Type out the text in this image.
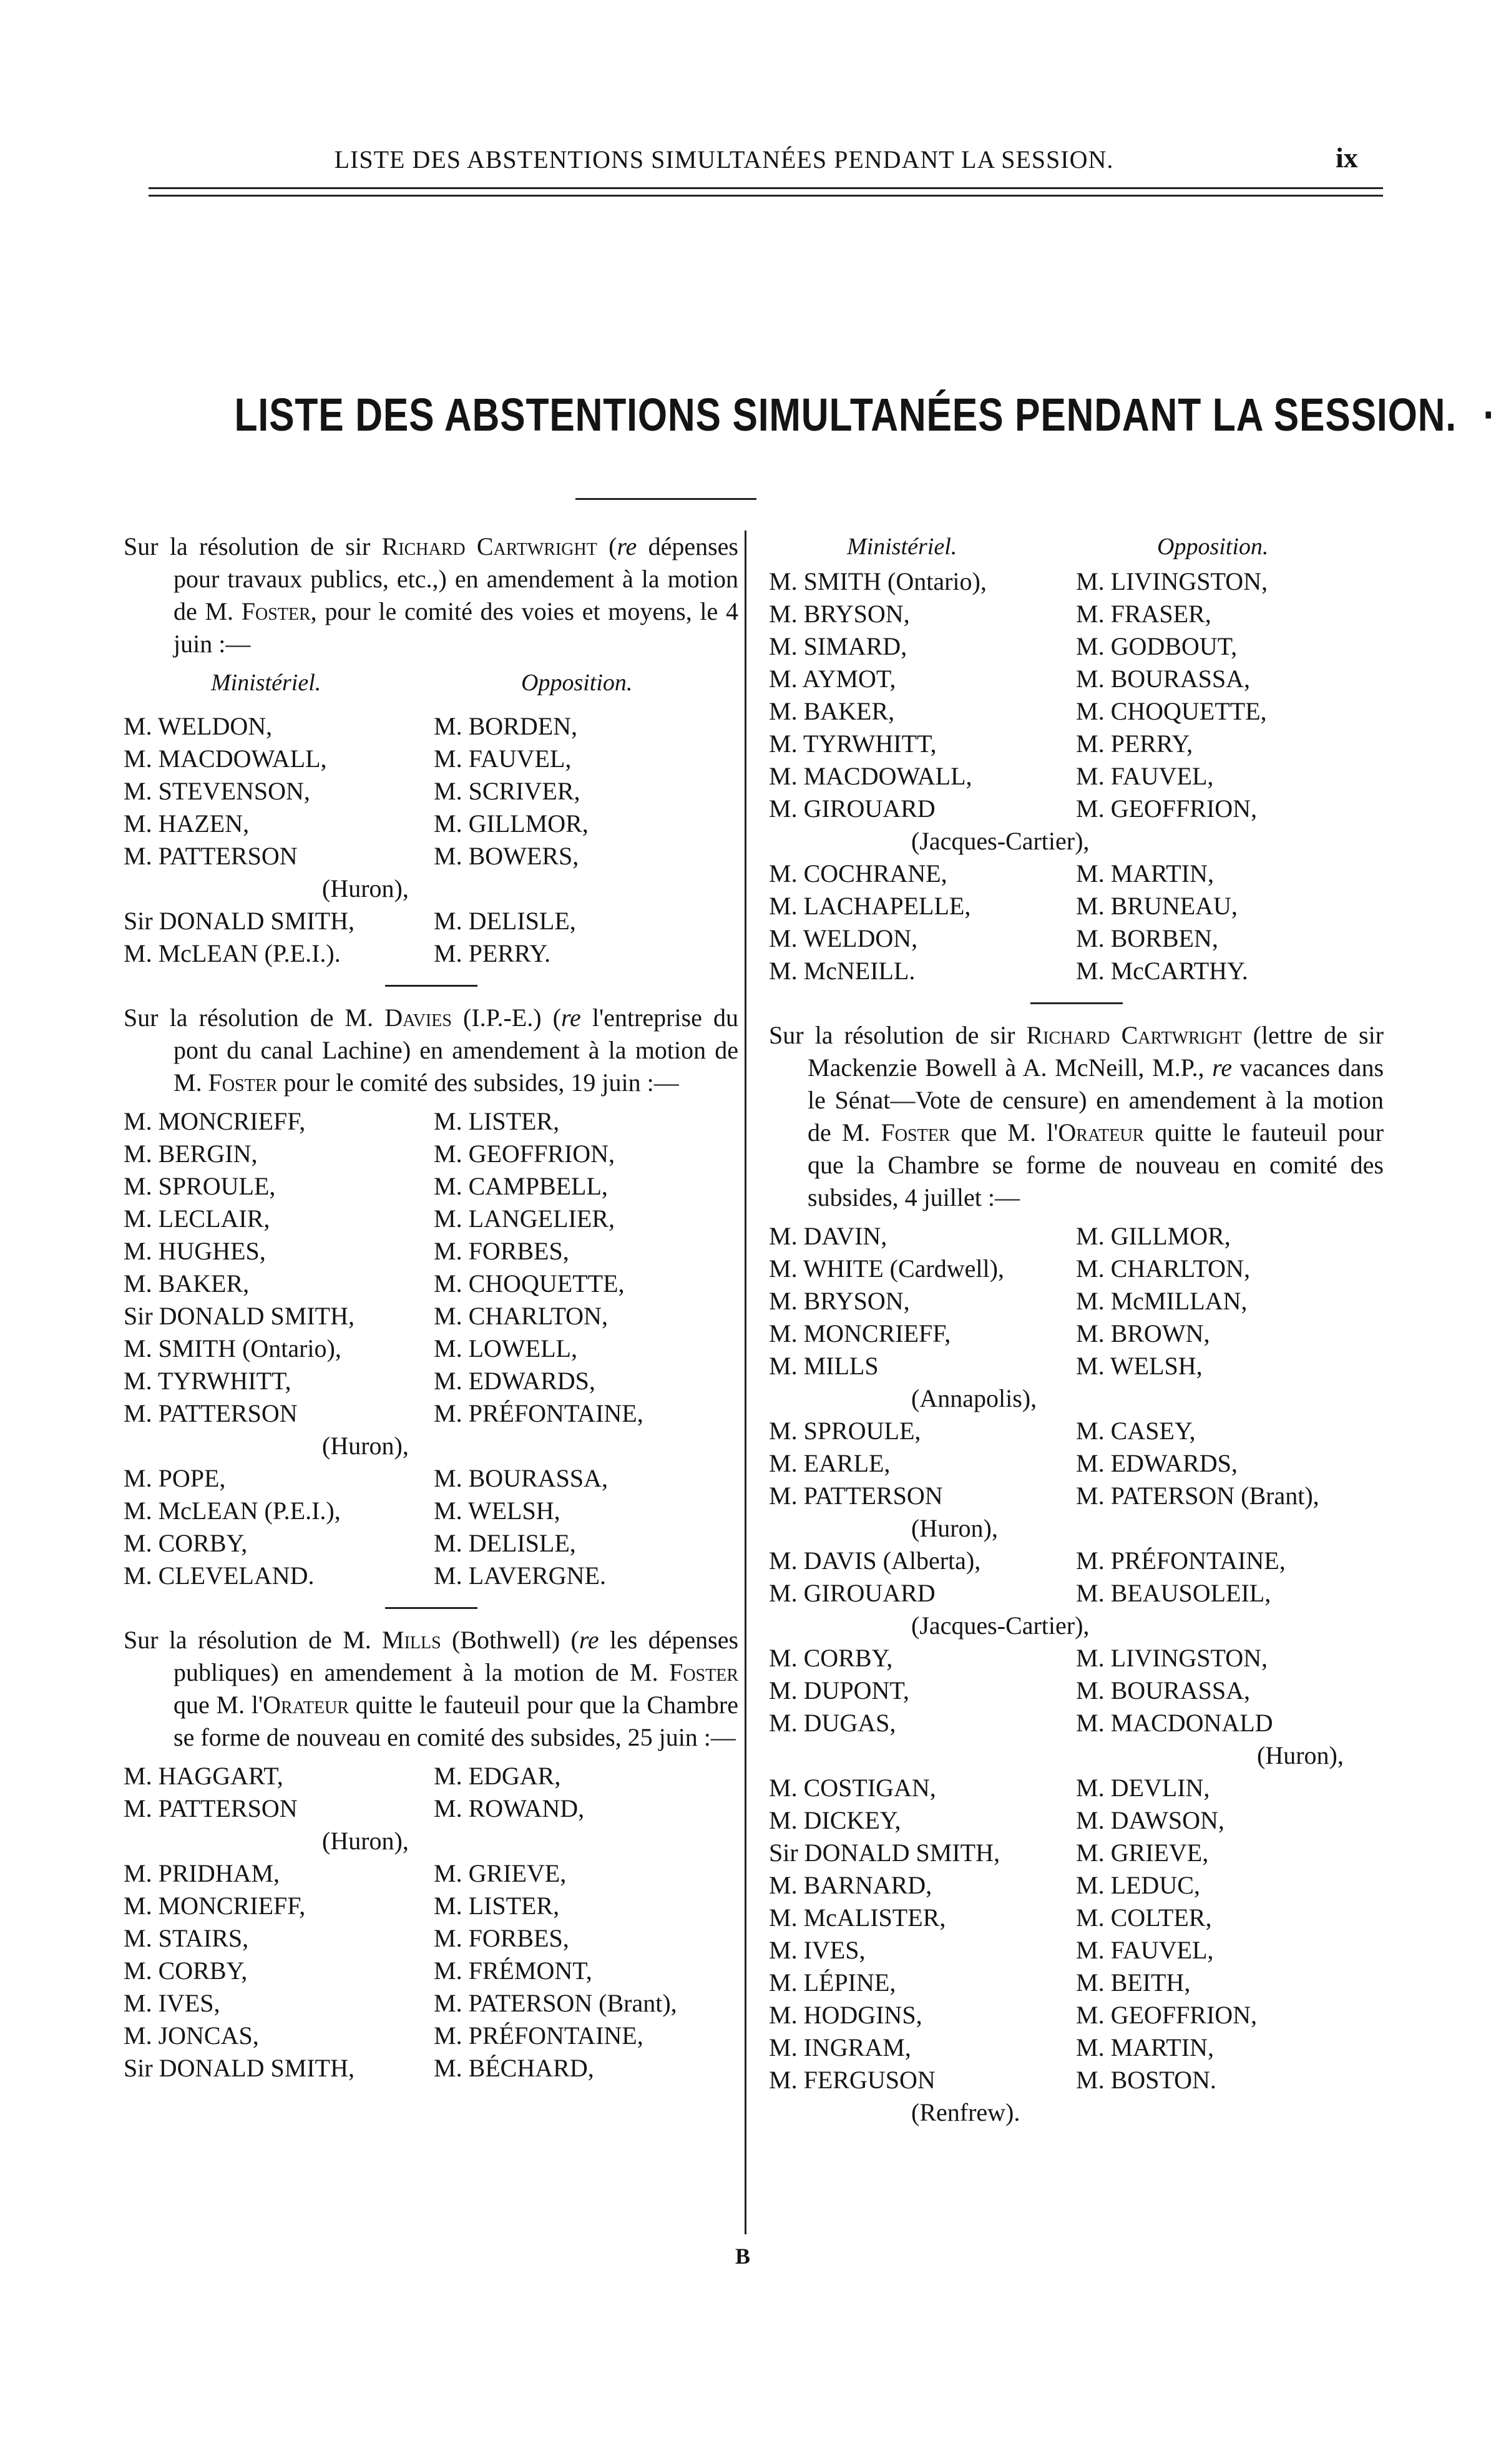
LISTE DES ABSTENTIONS SIMULTANÉES PENDANT LA SESSION.	ix
LISTE DES ABSTENTIONS SIMULTANÉES PENDANT LA SESSION. ·

Sur la résolution de sir Richard Cartwright (re dépenses pour travaux publics, etc.,) en amendement à la motion de M. Foster, pour le comité des voies et moyens, le 4 juin :—

Ministériel.	Opposition.
M. WELDON,	M. BORDEN,
M. MACDOWALL,	M. FAUVEL,
M. STEVENSON,	M. SCRIVER,
M. HAZEN,	M. GILLMOR,
M. PATTERSON	M. BOWERS,
(Huron),
Sir DONALD SMITH,	M. DELISLE,
M. McLEAN (P.E.I.).	M. PERRY.

Sur la résolution de M. Davies (I.P.-E.) (re l'entreprise du pont du canal Lachine) en amendement à la motion de M. Foster pour le comité des subsides, 19 juin :—

M. MONCRIEFF,	M. LISTER,
M. BERGIN,	M. GEOFFRION,
M. SPROULE,	M. CAMPBELL,
M. LECLAIR,	M. LANGELIER,
M. HUGHES,	M. FORBES,
M. BAKER,	M. CHOQUETTE,
Sir DONALD SMITH,	M. CHARLTON,
M. SMITH (Ontario),	M. LOWELL,
M. TYRWHITT,	M. EDWARDS,
M. PATTERSON	M. PRÉFONTAINE,
(Huron),
M. POPE,	M. BOURASSA,
M. McLEAN (P.E.I.),	M. WELSH,
M. CORBY,	M. DELISLE,
M. CLEVELAND.	M. LAVERGNE.

Sur la résolution de M. Mills (Bothwell) (re les dépenses publiques) en amendement à la motion de M. Foster que M. l'Orateur quitte le fauteuil pour que la Chambre se forme de nouveau en comité des subsides, 25 juin :—

M. HAGGART,	M. EDGAR,
M. PATTERSON	M. ROWAND,
(Huron),
M. PRIDHAM,	M. GRIEVE,
M. MONCRIEFF,	M. LISTER,
M. STAIRS,	M. FORBES,
M. CORBY,	M. FRÉMONT,
M. IVES,	M. PATERSON (Brant),
M. JONCAS,	M. PRÉFONTAINE,
Sir DONALD SMITH,	M. BÉCHARD,
Ministériel.	Opposition.
M. SMITH (Ontario),	M. LIVINGSTON,
M. BRYSON,	M. FRASER,
M. SIMARD,	M. GODBOUT,
M. AYMOT,	M. BOURASSA,
M. BAKER,	M. CHOQUETTE,
M. TYRWHITT,	M. PERRY,
M. MACDOWALL,	M. FAUVEL,
M. GIROUARD	M. GEOFFRION,
(Jacques-Cartier),
M. COCHRANE,	M. MARTIN,
M. LACHAPELLE,	M. BRUNEAU,
M. WELDON,	M. BORBEN,
M. McNEILL.	M. McCARTHY.

Sur la résolution de sir Richard Cartwright (lettre de sir Mackenzie Bowell à A. McNeill, M.P., re vacances dans le Sénat—Vote de censure) en amendement à la motion de M. Foster que M. l'Orateur quitte le fauteuil pour que la Chambre se forme de nouveau en comité des subsides, 4 juillet :—

M. DAVIN,	M. GILLMOR,
M. WHITE (Cardwell),	M. CHARLTON,
M. BRYSON,	M. McMILLAN,
M. MONCRIEFF,	M. BROWN,
M. MILLS	M. WELSH,
(Annapolis),
M. SPROULE,	M. CASEY,
M. EARLE,	M. EDWARDS,
M. PATTERSON	M. PATERSON (Brant),
(Huron),
M. DAVIS (Alberta),	M. PRÉFONTAINE,
M. GIROUARD	M. BEAUSOLEIL,
(Jacques-Cartier),
M. CORBY,	M. LIVINGSTON,
M. DUPONT,	M. BOURASSA,
M. DUGAS,	M. MACDONALD
(Huron),
M. COSTIGAN,	M. DEVLIN,
M. DICKEY,	M. DAWSON,
Sir DONALD SMITH,	M. GRIEVE,
M. BARNARD,	M. LEDUC,
M. McALISTER,	M. COLTER,
M. IVES,	M. FAUVEL,
M. LÉPINE,	M. BEITH,
M. HODGINS,	M. GEOFFRION,
M. INGRAM,	M. MARTIN,
M. FERGUSON	M. BOSTON.
(Renfrew).
B
